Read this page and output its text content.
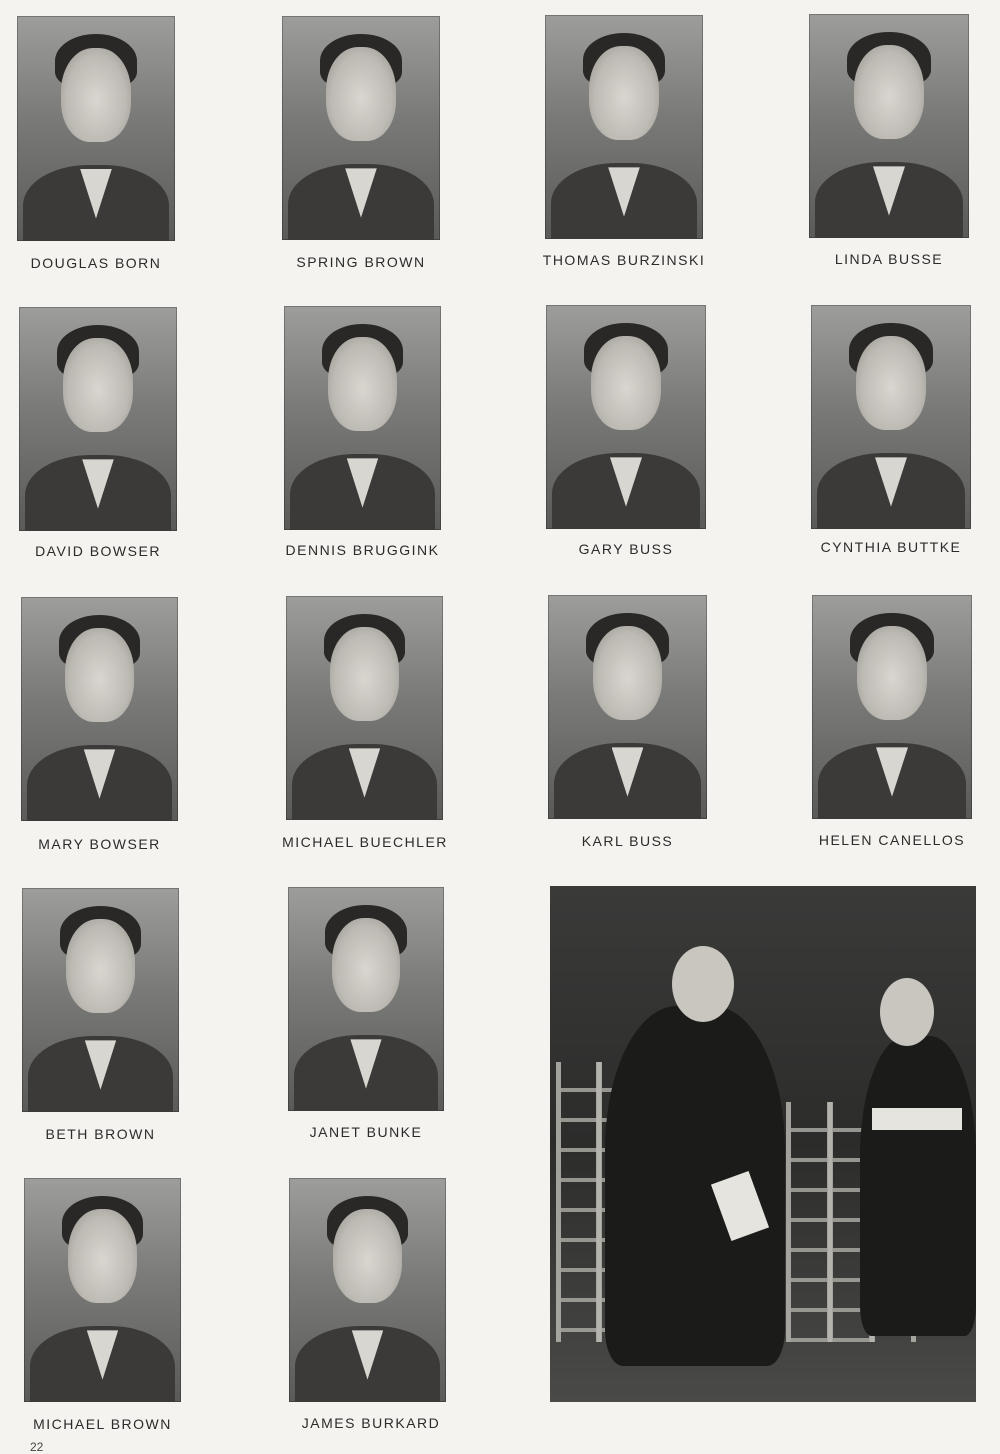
DOUGLAS BORN	SPRING BROWN	THOMAS BURZINSKI	LINDA BUSSE
DAVID BOWSER	DENNIS BRUGGINK	GARY BUSS	CYNTHIA BUTTKE
MARY BOWSER	MICHAEL BUECHLER	KARL BUSS	HELEN CANELLOS
BETH BROWN	JANET BUNKE
MICHAEL BROWN	JAMES BURKARD
22
